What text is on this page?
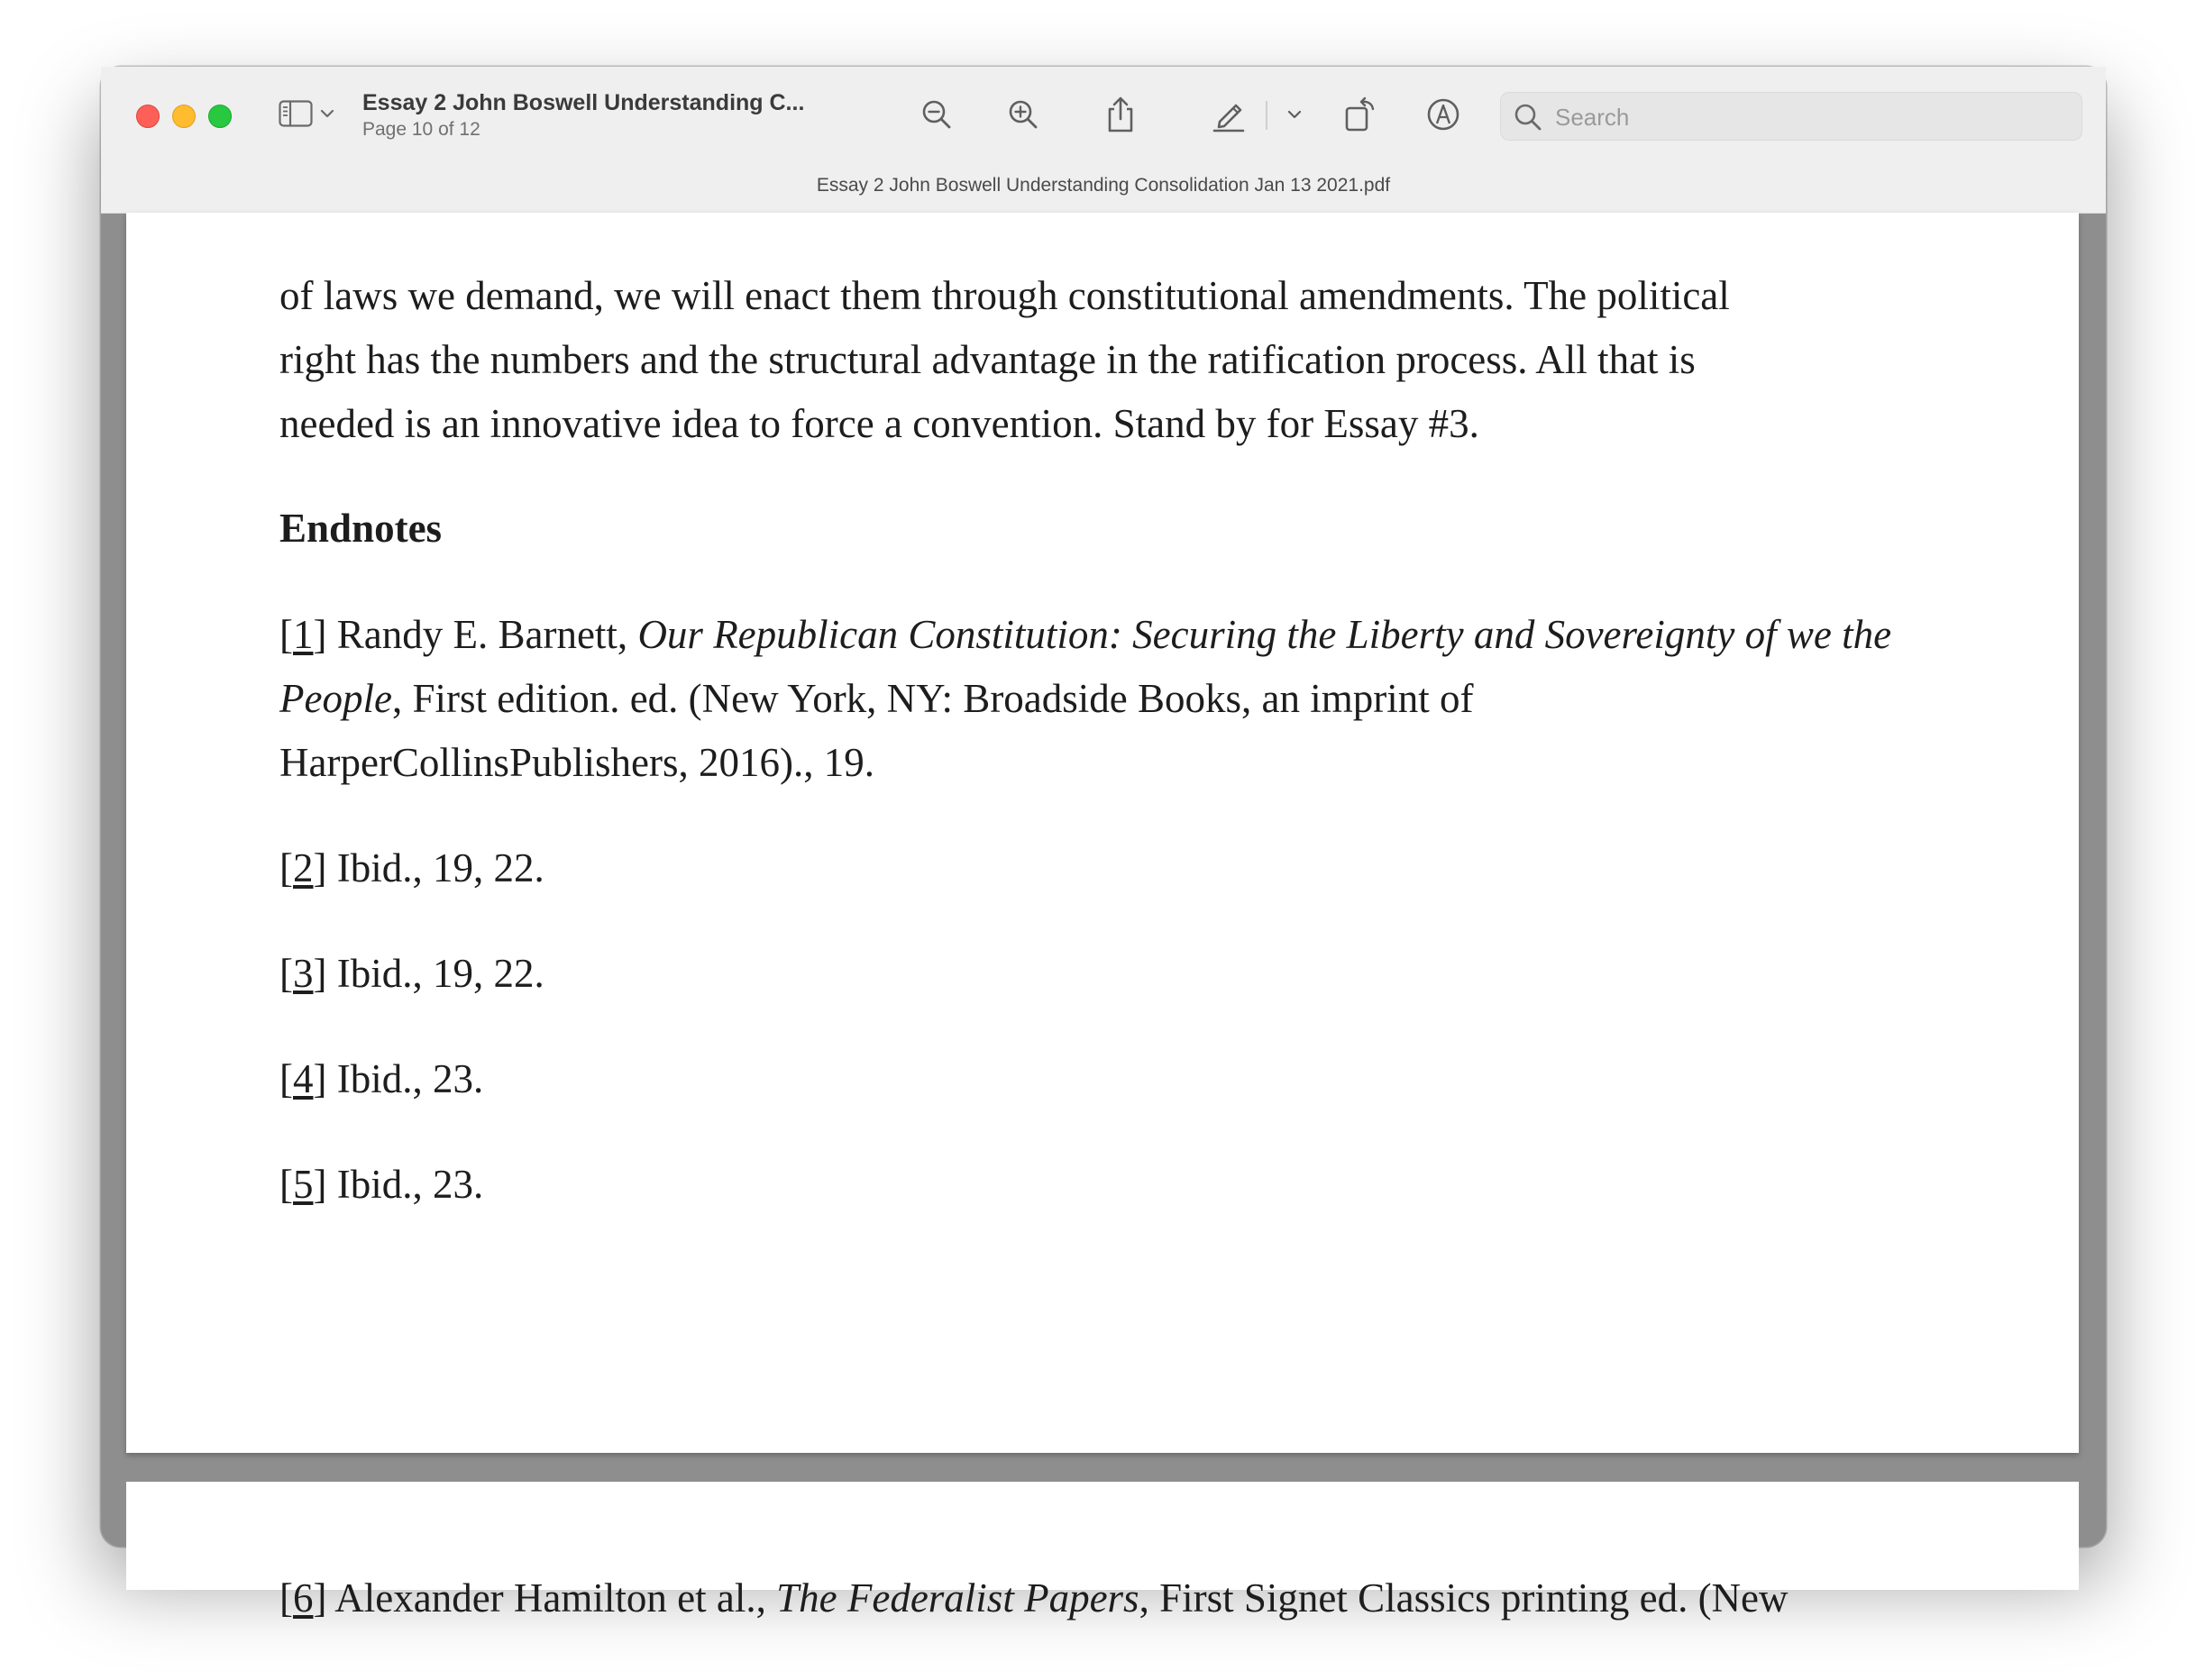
Essay 2 John Boswell Understanding C...
Page 10 of 12
Search
Essay 2 John Boswell Understanding Consolidation Jan 13 2021.pdf
of laws we demand, we will enact them through constitutional amendments. The political
right has the numbers and the structural advantage in the ratification process. All that is
needed is an innovative idea to force a convention. Stand by for Essay #3.
Endnotes
[1] Randy E. Barnett, Our Republican Constitution: Securing the Liberty and Sovereignty of we the
People, First edition. ed. (New York, NY: Broadside Books, an imprint of
HarperCollinsPublishers, 2016)., 19.
[2] Ibid., 19, 22.
[3] Ibid., 19, 22.
[4] Ibid., 23.
[5] Ibid., 23.
[6] Alexander Hamilton et al., The Federalist Papers, First Signet Classics printing ed. (New
